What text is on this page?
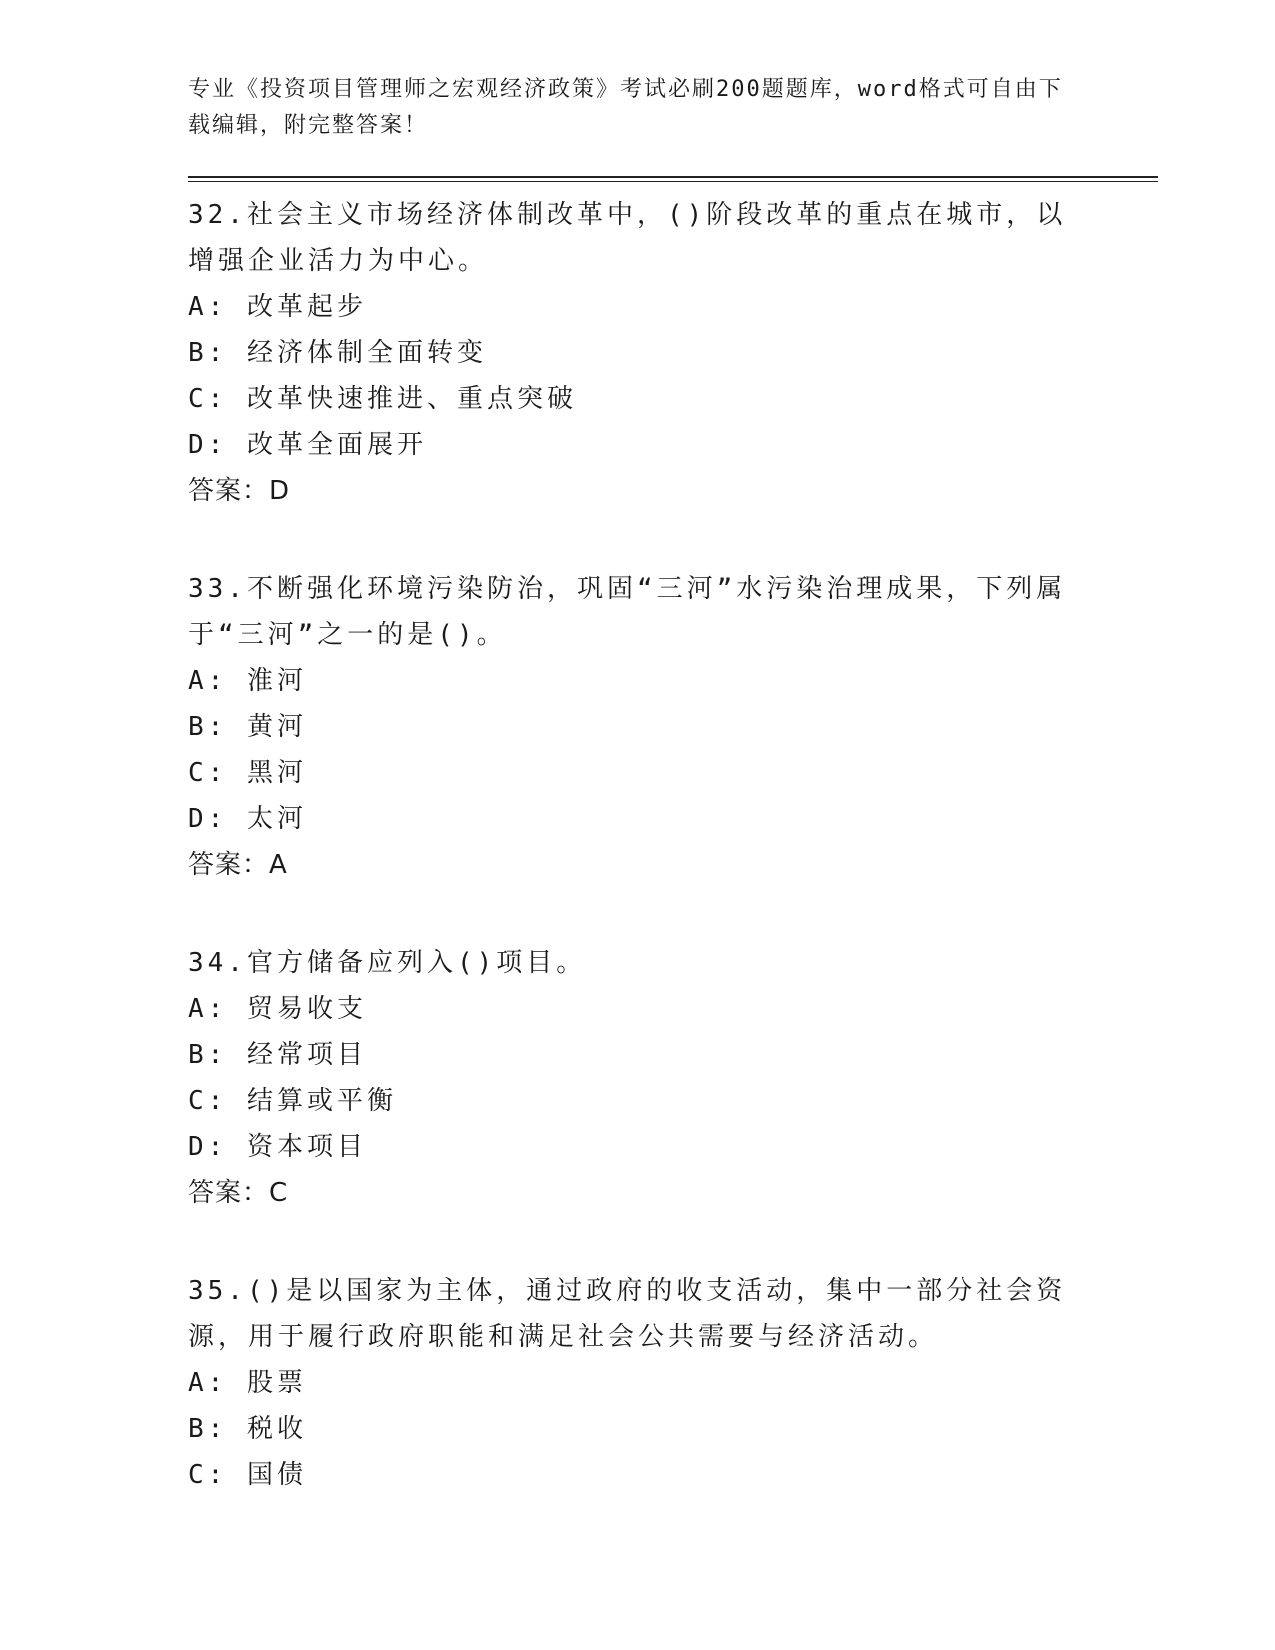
专业《投资项目管理师之宏观经济政策》考试必刷200题题库，word格式可自由下载编辑，附完整答案！

32.社会主义市场经济体制改革中，()阶段改革的重点在城市，以增强企业活力为中心。

A: 改革起步

B: 经济体制全面转变

C: 改革快速推进、重点突破

D: 改革全面展开

答案：D

33.不断强化环境污染防治，巩固“三河”水污染治理成果，下列属于“三河”之一的是()。

A: 淮河

B: 黄河

C: 黑河

D: 太河

答案：A

34.官方储备应列入()项目。

A: 贸易收支

B: 经常项目

C: 结算或平衡

D: 资本项目

答案：C

35.()是以国家为主体，通过政府的收支活动，集中一部分社会资源，用于履行政府职能和满足社会公共需要与经济活动。

A: 股票

B: 税收

C: 国债
